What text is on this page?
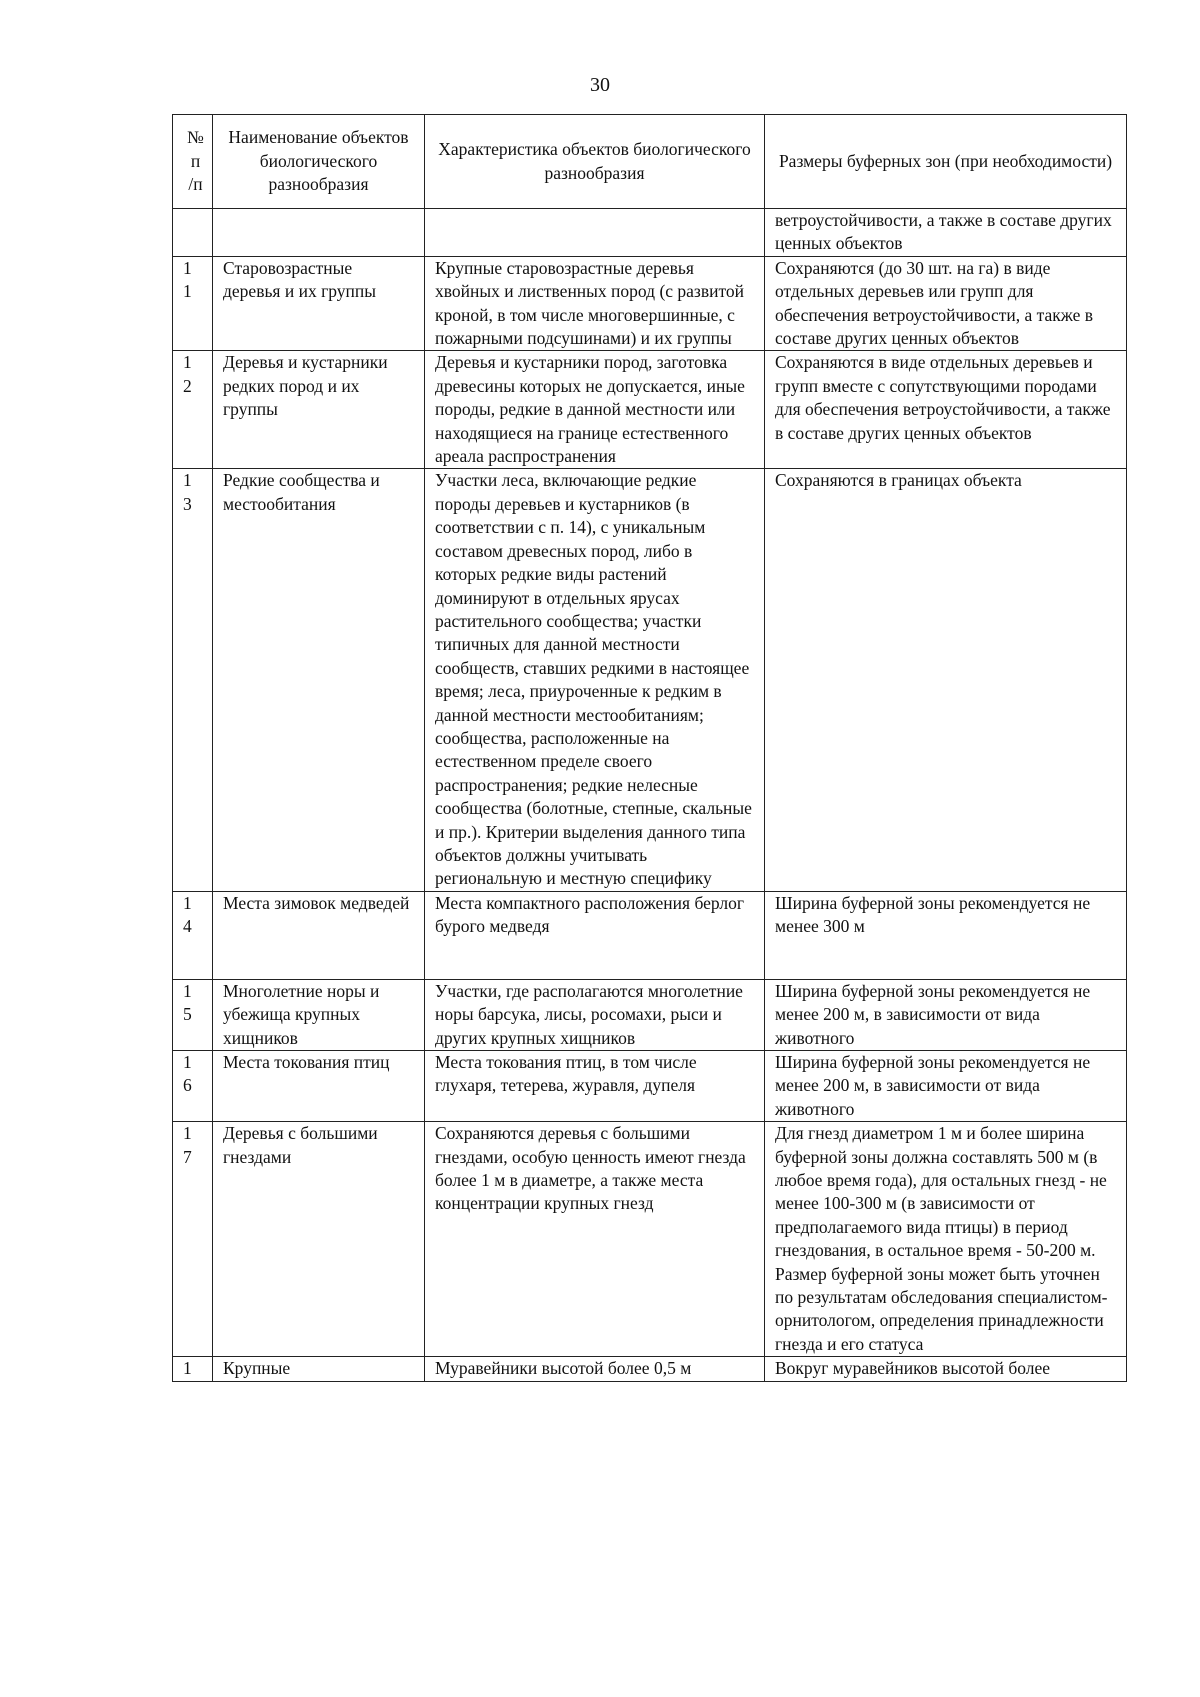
30
№
п
/п	Наименование объектов биологического разнообразия	Характеристика объектов биологического разнообразия	Размеры буферных зон (при необходимости)

			ветроустойчивости, а также в составе других ценных объектов

1
1	Старовозрастные деревья и их группы	Крупные старовозрастные деревья хвойных и лиственных пород (с развитой кроной, в том числе многовершинные, с пожарными подсушинами) и их группы	Сохраняются (до 30 шт. на га) в виде отдельных деревьев или групп для обеспечения ветроустойчивости, а также в составе других ценных объектов

1
2	Деревья и кустарники редких пород и их группы	Деревья и кустарники пород, заготовка древесины которых не допускается, иные породы, редкие в данной местности или находящиеся на границе естественного ареала распространения	Сохраняются в виде отдельных деревьев и групп вместе с сопутствующими породами для обеспечения ветроустойчивости, а также в составе других ценных объектов

1
3	Редкие сообщества и местообитания	Участки леса, включающие редкие породы деревьев и кустарников (в соответствии с п. 14), с уникальным составом древесных пород, либо в которых редкие виды растений доминируют в отдельных ярусах растительного сообщества; участки типичных для данной местности сообществ, ставших редкими в настоящее время; леса, приуроченные к редким в данной местности местообитаниям; сообщества, расположенные на естественном пределе своего распространения; редкие нелесные сообщества (болотные, степные, скальные и пр.). Критерии выделения данного типа объектов должны учитывать региональную и местную специфику	Сохраняются в границах объекта

1
4	Места зимовок медведей	Места компактного расположения берлог бурого медведя	Ширина буферной зоны рекомендуется не менее 300 м

1
5	Многолетние норы и убежища крупных хищников	Участки, где располагаются многолетние норы барсука, лисы, росомахи, рыси и других крупных хищников	Ширина буферной зоны рекомендуется не менее 200 м, в зависимости от вида животного

1
6	Места токования птиц	Места токования птиц, в том числе глухаря, тетерева, журавля, дупеля	Ширина буферной зоны рекомендуется не менее 200 м, в зависимости от вида животного

1
7	Деревья с большими гнездами	Сохраняются деревья с большими гнездами, особую ценность имеют гнезда более 1 м в диаметре, а также места концентрации крупных гнезд	Для гнезд диаметром 1 м и более ширина буферной зоны должна составлять 500 м (в любое время года), для остальных гнезд - не менее 100-300 м (в зависимости от предполагаемого вида птицы) в период гнездования, в остальное время - 50-200 м. Размер буферной зоны может быть уточнен по результатам обследования специалистом- орнитологом, определения принадлежности гнезда и его статуса

1	Крупные	Муравейники высотой более 0,5 м	Вокруг муравейников высотой более
